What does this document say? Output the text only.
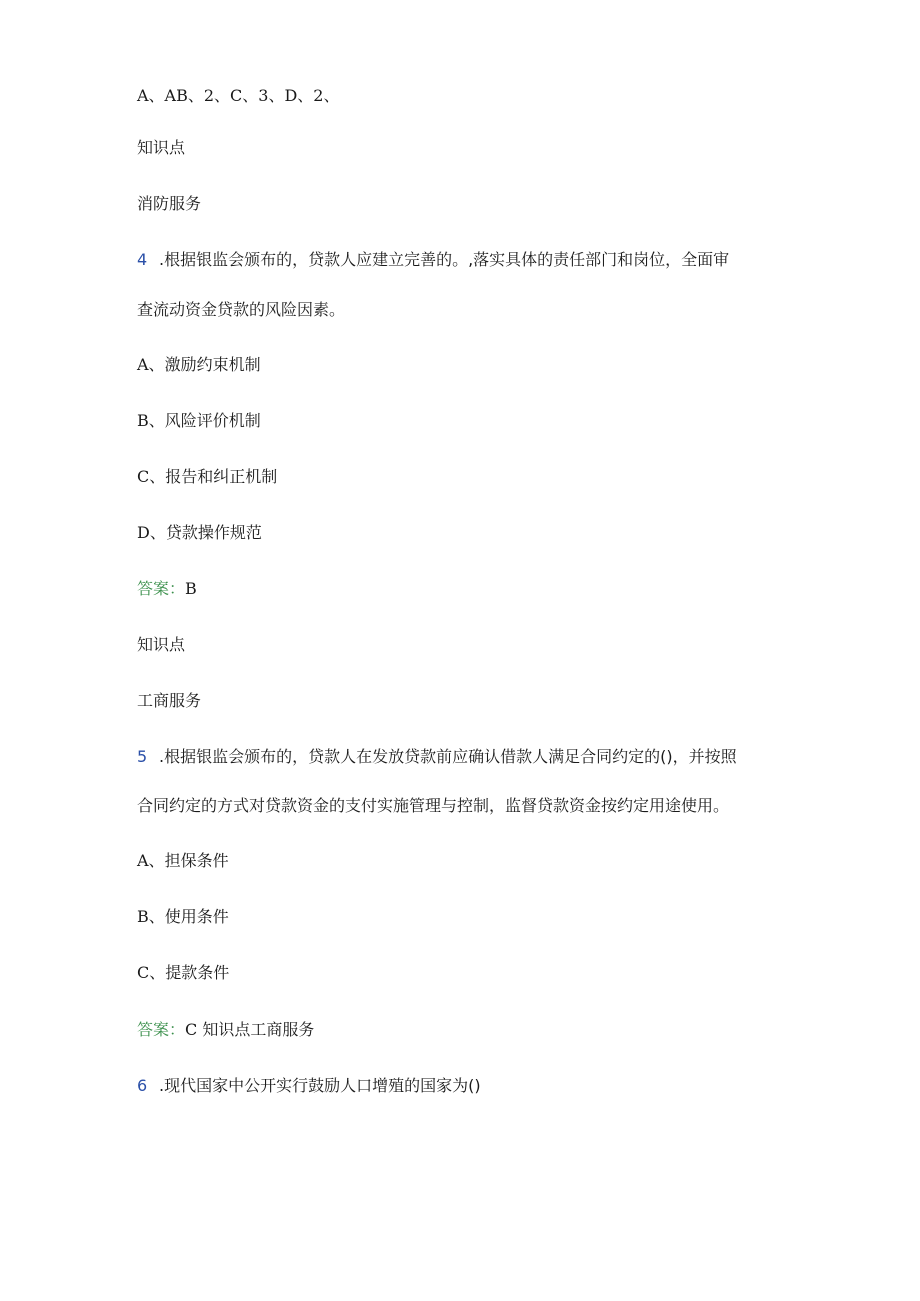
A、AB、2、C、3、D、2、

知识点

消防服务

4 .根据银监会颁布的，贷款人应建立完善的。,落实具体的责任部门和岗位，全面审

查流动资金贷款的风险因素。

A、激励约束机制

B、风险评价机制

C、报告和纠正机制

D、贷款操作规范

答案：B

知识点

工商服务

5 .根据银监会颁布的，贷款人在发放贷款前应确认借款人满足合同约定的()，并按照

合同约定的方式对贷款资金的支付实施管理与控制，监督贷款资金按约定用途使用。

A、担保条件

B、使用条件

C、提款条件

答案：C 知识点工商服务

6 .现代国家中公开实行鼓励人口增殖的国家为()
